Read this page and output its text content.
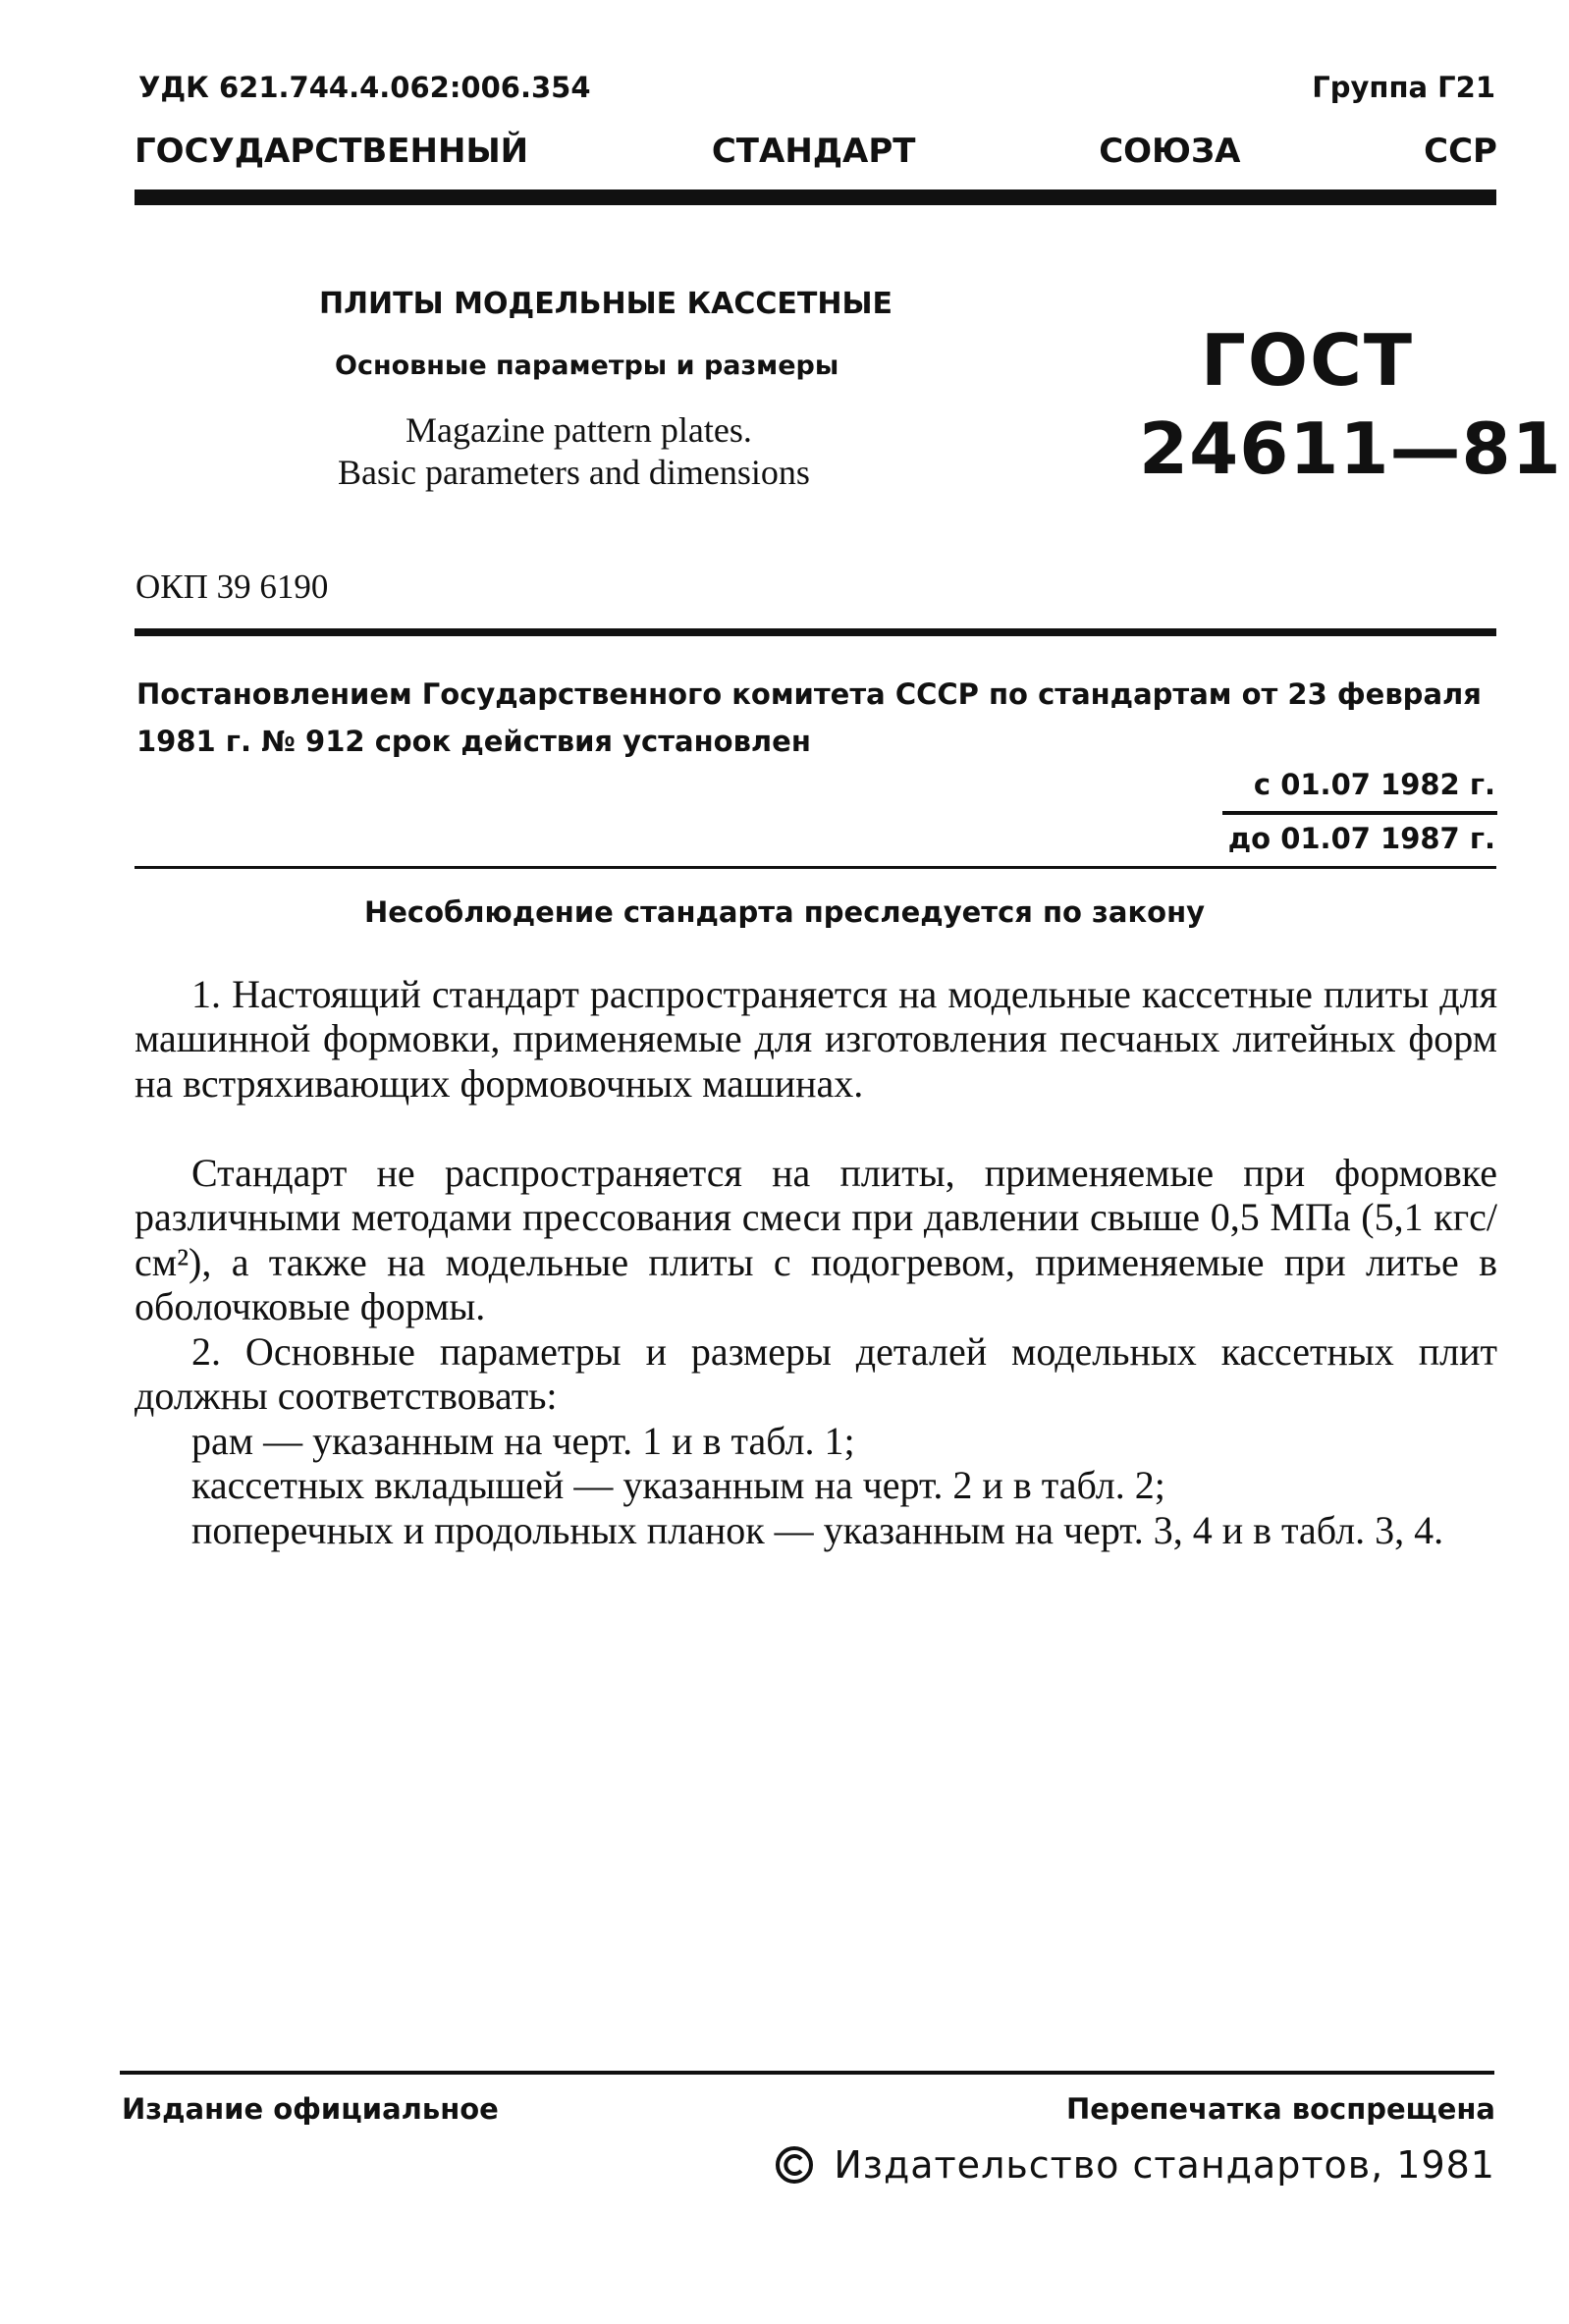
УДК 621.744.4.062:006.354	Группа Г21
ГОСУДАРСТВЕННЫЙ	СТАНДАРТ	СОЮЗА	ССР
ПЛИТЫ МОДЕЛЬНЫЕ КАССЕТНЫЕ
Основные параметры и размеры
Magazine pattern plates.
Basic parameters and dimensions
ГОСТ
24611—81
ОКП 39 6190
Постановлением Государственного комитета СССР по стандартам от 23 февраля
1981 г. № 912 срок действия установлен
с 01.07 1982 г.
до 01.07 1987 г.
Несоблюдение стандарта преследуется по закону
1. Настоящий стандарт распространяется на модельные кассетные плиты для машинной формовки, применяемые для изготовления песчаных литейных форм на встряхивающих формовочных машинах.
Стандарт не распространяется на плиты, применяемые при формовке различными методами прессования смеси при давлении свыше 0,5 МПа (5,1 кгс/см²), а также на модельные плиты с подогревом, применяемые при литье в оболочковые формы.
2. Основные параметры и размеры деталей модельных кассетных плит должны соответствовать:
рам — указанным на черт. 1 и в табл. 1;
кассетных вкладышей — указанным на черт. 2 и в табл. 2;
поперечных и продольных планок — указанным на черт. 3, 4 и в табл. 3, 4.
Издание официальное	Перепечатка воспрещена
Издательство стандартов, 1981
